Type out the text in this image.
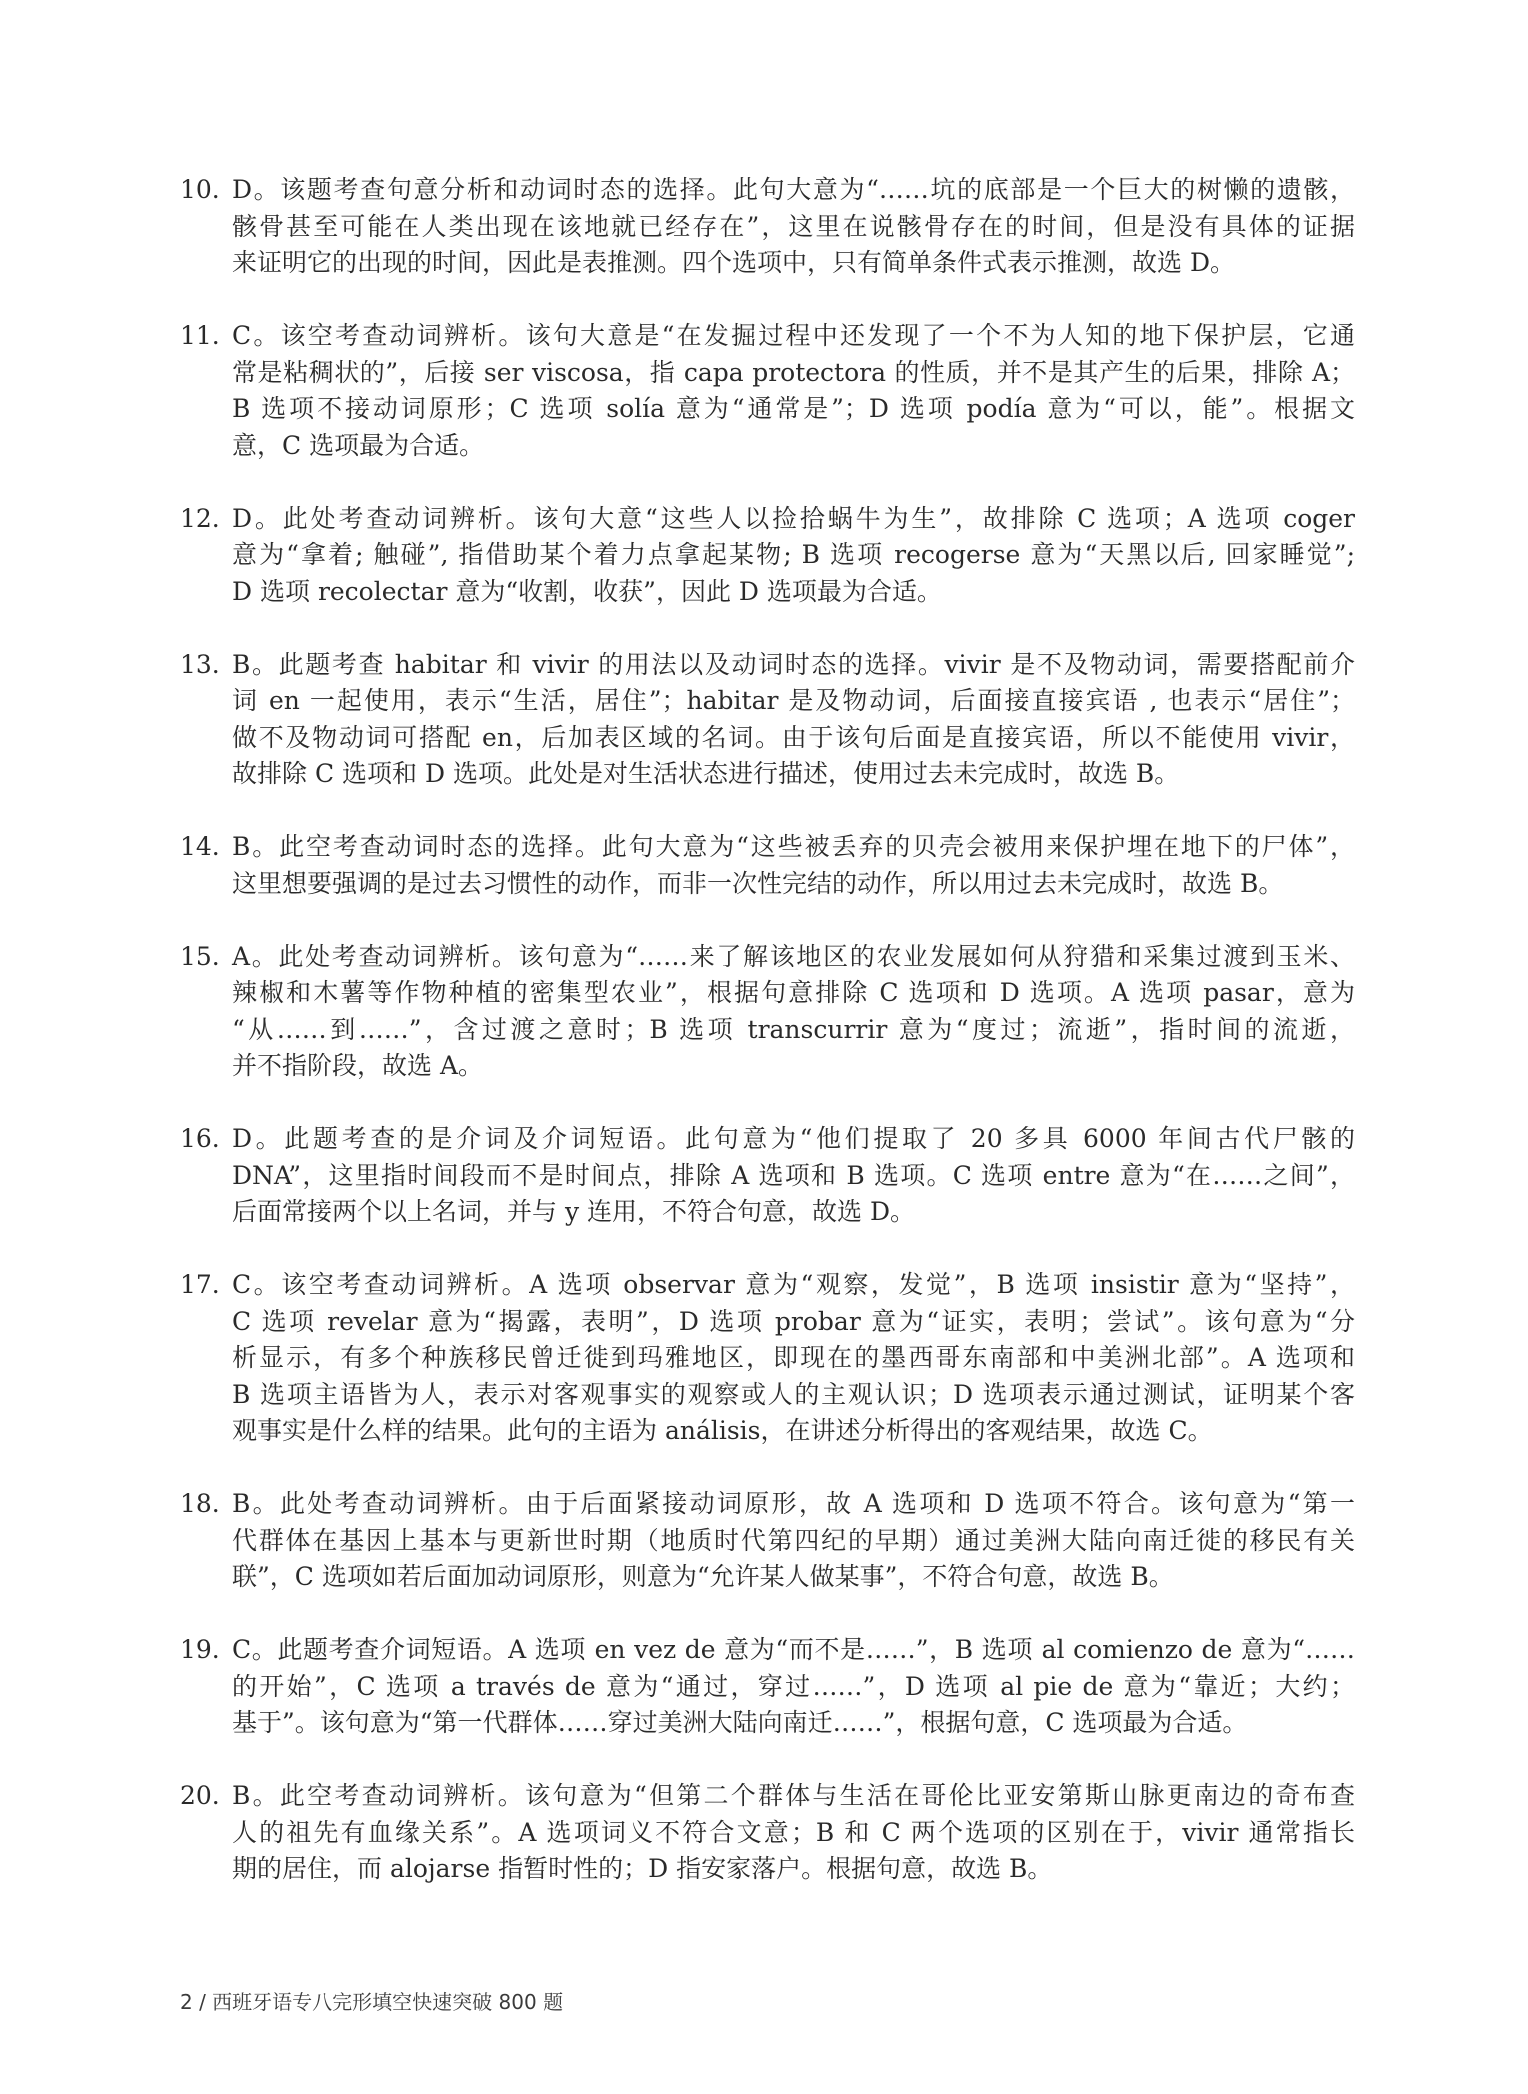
10. D。该题考查句意分析和动词时态的选择。此句大意为“……坑的底部是一个巨大的树懒的遗骸，
骸骨甚至可能在人类出现在该地就已经存在”，这里在说骸骨存在的时间，但是没有具体的证据
来证明它的出现的时间，因此是表推测。四个选项中，只有简单条件式表示推测，故选 D。
11. C。该空考查动词辨析。该句大意是“在发掘过程中还发现了一个不为人知的地下保护层，它通
常是粘稠状的”，后接 ser viscosa，指 capa protectora 的性质，并不是其产生的后果，排除 A；
B 选项不接动词原形；C 选项 solía 意为“通常是”；D 选项 podía 意为“可以，能”。根据文
意，C 选项最为合适。
12. D。此处考查动词辨析。该句大意“这些人以捡拾蜗牛为生”，故排除 C 选项；A 选项 coger
意为“拿着; 触碰”, 指借助某个着力点拿起某物; B 选项 recogerse 意为“天黑以后, 回家睡觉”;
D 选项 recolectar 意为“收割，收获”，因此 D 选项最为合适。
13. B。此题考查 habitar 和 vivir 的用法以及动词时态的选择。vivir 是不及物动词，需要搭配前介
词 en 一起使用，表示“生活，居住”；habitar 是及物动词，后面接直接宾语 , 也表示“居住”；
做不及物动词可搭配 en，后加表区域的名词。由于该句后面是直接宾语，所以不能使用 vivir，
故排除 C 选项和 D 选项。此处是对生活状态进行描述，使用过去未完成时，故选 B。
14. B。此空考查动词时态的选择。此句大意为“这些被丢弃的贝壳会被用来保护埋在地下的尸体”，
这里想要强调的是过去习惯性的动作，而非一次性完结的动作，所以用过去未完成时，故选 B。
15. A。此处考查动词辨析。该句意为“……来了解该地区的农业发展如何从狩猎和采集过渡到玉米、
辣椒和木薯等作物种植的密集型农业”，根据句意排除 C 选项和 D 选项。A 选项 pasar，意为
“从……到……”，含过渡之意时；B 选项 transcurrir 意为“度过；流逝”，指时间的流逝，
并不指阶段，故选 A。
16. D。此题考查的是介词及介词短语。此句意为“他们提取了 20 多具 6000 年间古代尸骸的
DNA”，这里指时间段而不是时间点，排除 A 选项和 B 选项。C 选项 entre 意为“在……之间”，
后面常接两个以上名词，并与 y 连用，不符合句意，故选 D。
17. C。该空考查动词辨析。A 选项 observar 意为“观察，发觉”，B 选项 insistir 意为“坚持”，
C 选项 revelar 意为“揭露，表明”，D 选项 probar 意为“证实，表明；尝试”。该句意为“分
析显示，有多个种族移民曾迁徙到玛雅地区，即现在的墨西哥东南部和中美洲北部”。A 选项和
B 选项主语皆为人，表示对客观事实的观察或人的主观认识；D 选项表示通过测试，证明某个客
观事实是什么样的结果。此句的主语为 análisis，在讲述分析得出的客观结果，故选 C。
18. B。此处考查动词辨析。由于后面紧接动词原形，故 A 选项和 D 选项不符合。该句意为“第一
代群体在基因上基本与更新世时期（地质时代第四纪的早期）通过美洲大陆向南迁徙的移民有关
联”，C 选项如若后面加动词原形，则意为“允许某人做某事”，不符合句意，故选 B。
19. C。此题考查介词短语。A 选项 en vez de 意为“而不是……”，B 选项 al comienzo de 意为“……
的开始”，C 选项 a través de 意为“通过，穿过……”，D 选项 al pie de 意为“靠近；大约；
基于”。该句意为“第一代群体……穿过美洲大陆向南迁……”，根据句意，C 选项最为合适。
20. B。此空考查动词辨析。该句意为“但第二个群体与生活在哥伦比亚安第斯山脉更南边的奇布查
人的祖先有血缘关系”。A 选项词义不符合文意；B 和 C 两个选项的区别在于，vivir 通常指长
期的居住，而 alojarse 指暂时性的；D 指安家落户。根据句意，故选 B。
2 / 西班牙语专八完形填空快速突破 800 题
